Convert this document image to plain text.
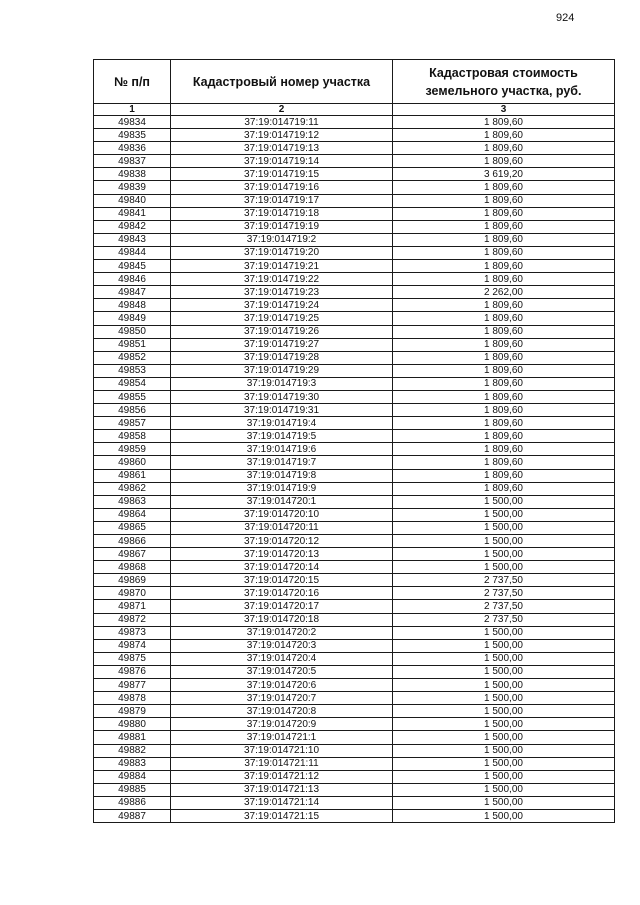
924
№ п/п	Кадастровый номер участка	Кадастровая стоимость земельного участка, руб.
1	2	3
49834	37:19:014719:11	1 809,60
49835	37:19:014719:12	1 809,60
49836	37:19:014719:13	1 809,60
49837	37:19:014719:14	1 809,60
49838	37:19:014719:15	3 619,20
49839	37:19:014719:16	1 809,60
49840	37:19:014719:17	1 809,60
49841	37:19:014719:18	1 809,60
49842	37:19:014719:19	1 809,60
49843	37:19:014719:2	1 809,60
49844	37:19:014719:20	1 809,60
49845	37:19:014719:21	1 809,60
49846	37:19:014719:22	1 809,60
49847	37:19:014719:23	2 262,00
49848	37:19:014719:24	1 809,60
49849	37:19:014719:25	1 809,60
49850	37:19:014719:26	1 809,60
49851	37:19:014719:27	1 809,60
49852	37:19:014719:28	1 809,60
49853	37:19:014719:29	1 809,60
49854	37:19:014719:3	1 809,60
49855	37:19:014719:30	1 809,60
49856	37:19:014719:31	1 809,60
49857	37:19:014719:4	1 809,60
49858	37:19:014719:5	1 809,60
49859	37:19:014719:6	1 809,60
49860	37:19:014719:7	1 809,60
49861	37:19:014719:8	1 809,60
49862	37:19:014719:9	1 809,60
49863	37:19:014720:1	1 500,00
49864	37:19:014720:10	1 500,00
49865	37:19:014720:11	1 500,00
49866	37:19:014720:12	1 500,00
49867	37:19:014720:13	1 500,00
49868	37:19:014720:14	1 500,00
49869	37:19:014720:15	2 737,50
49870	37:19:014720:16	2 737,50
49871	37:19:014720:17	2 737,50
49872	37:19:014720:18	2 737,50
49873	37:19:014720:2	1 500,00
49874	37:19:014720:3	1 500,00
49875	37:19:014720:4	1 500,00
49876	37:19:014720:5	1 500,00
49877	37:19:014720:6	1 500,00
49878	37:19:014720:7	1 500,00
49879	37:19:014720:8	1 500,00
49880	37:19:014720:9	1 500,00
49881	37:19:014721:1	1 500,00
49882	37:19:014721:10	1 500,00
49883	37:19:014721:11	1 500,00
49884	37:19:014721:12	1 500,00
49885	37:19:014721:13	1 500,00
49886	37:19:014721:14	1 500,00
49887	37:19:014721:15	1 500,00
